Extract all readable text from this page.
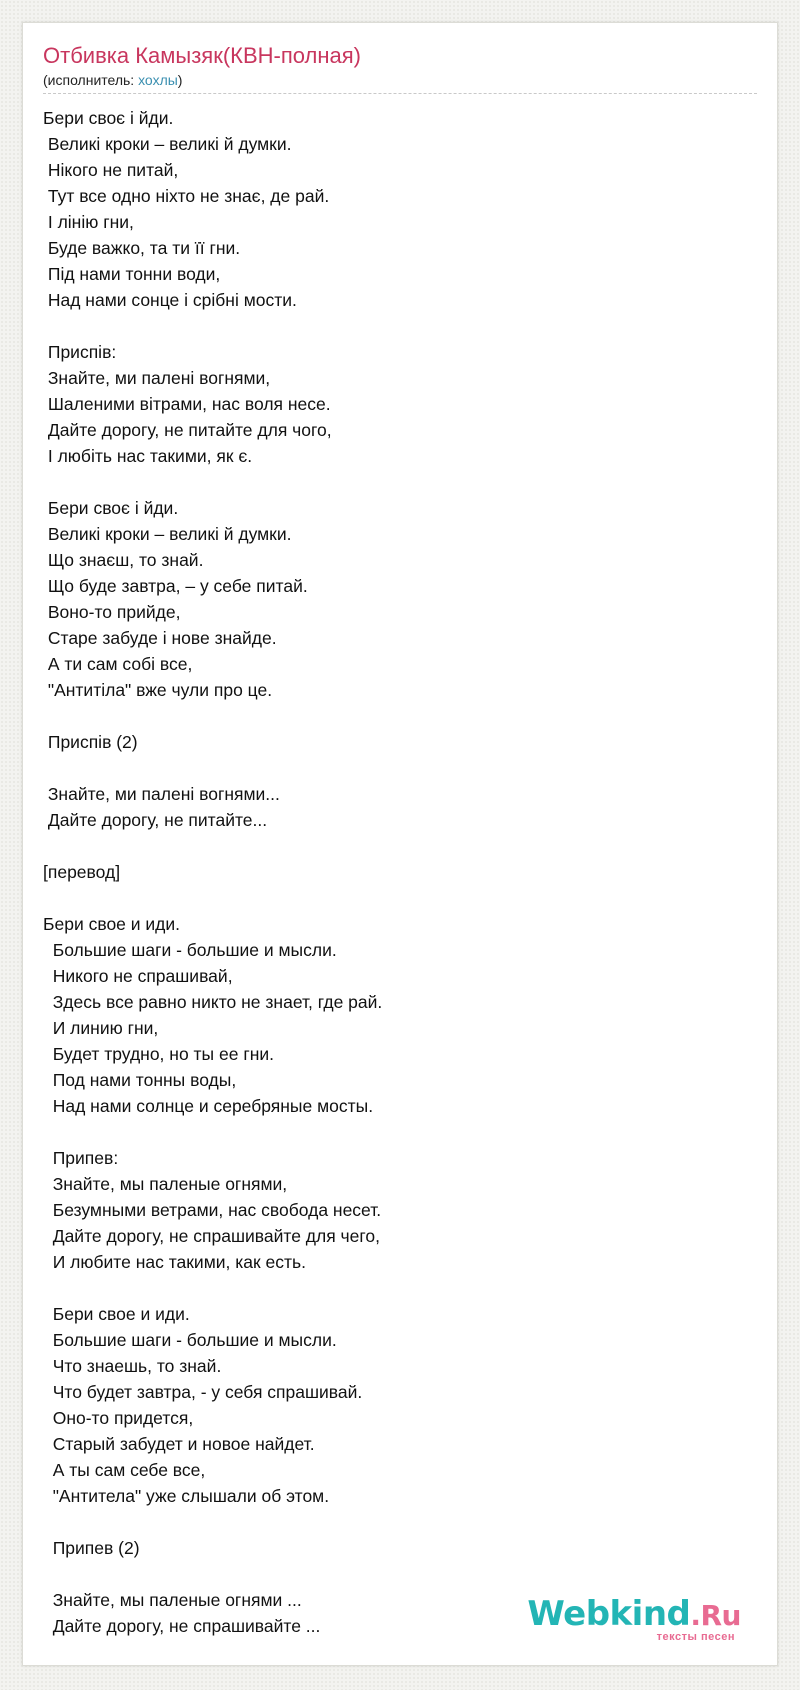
Отбивка Камызяк(КВН-полная)
(исполнитель: хохлы)
Бери своє і йди.
Великі кроки – великі й думки.
Нікого не питай,
Тут все одно ніхто не знає, де рай.
І лінію гни,
Буде важко, та ти її гни.
Під нами тонни води,
Над нами сонце і срібні мости.
Приспів:
Знайте, ми палені вогнями,
Шаленими вітрами, нас воля несе.
Дайте дорогу, не питайте для чого,
І любіть нас такими, як є.
Бери своє і йди.
Великі кроки – великі й думки.
Що знаєш, то знай.
Що буде завтра, – у себе питай.
Воно-то прийде,
Старе забуде і нове знайде.
А ти сам собі все,
"Антитіла" вже чули про це.
Приспів (2)
Знайте, ми палені вогнями...
Дайте дорогу, не питайте...
[перевод]
Бери свое и иди.
Большие шаги - большие и мысли.
Никого не спрашивай,
Здесь все равно никто не знает, где рай.
И линию гни,
Будет трудно, но ты ее гни.
Под нами тонны воды,
Над нами солнце и серебряные мосты.
Припев:
Знайте, мы паленые огнями,
Безумными ветрами, нас свобода несет.
Дайте дорогу, не спрашивайте для чего,
И любите нас такими, как есть.
Бери свое и иди.
Большие шаги - большие и мысли.
Что знаешь, то знай.
Что будет завтра, - у себя спрашивай.
Оно-то придется,
Старый забудет и новое найдет.
А ты сам себе все,
"Антитела" уже слышали об этом.
Припев (2)
Знайте, мы паленые огнями ...
Дайте дорогу, не спрашивайте ...	Webkind.Ru
тексты песен
